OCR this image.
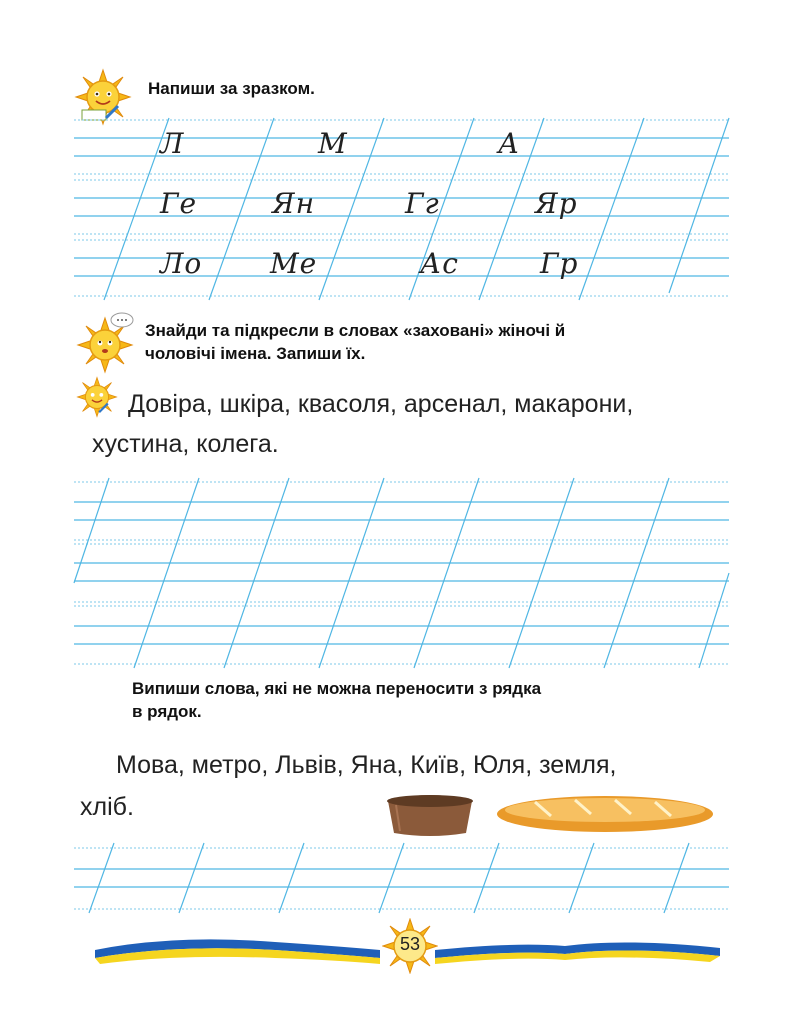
Напиши за зразком.
Л	М	А
Ге	Ян	Гг	Яр
Ло Ме	Ас	Гр
Знайди та підкресли в словах «заховані» жіночі й
чоловічі імена. Запиши їх.
Довіра, шкіра, квасоля, арсенал, макарони,
хустина, колега.
Випиши слова, які не можна переносити з рядка
в рядок.
Мова, метро, Львів, Яна, Київ, Юля, земля,
хліб.
53
